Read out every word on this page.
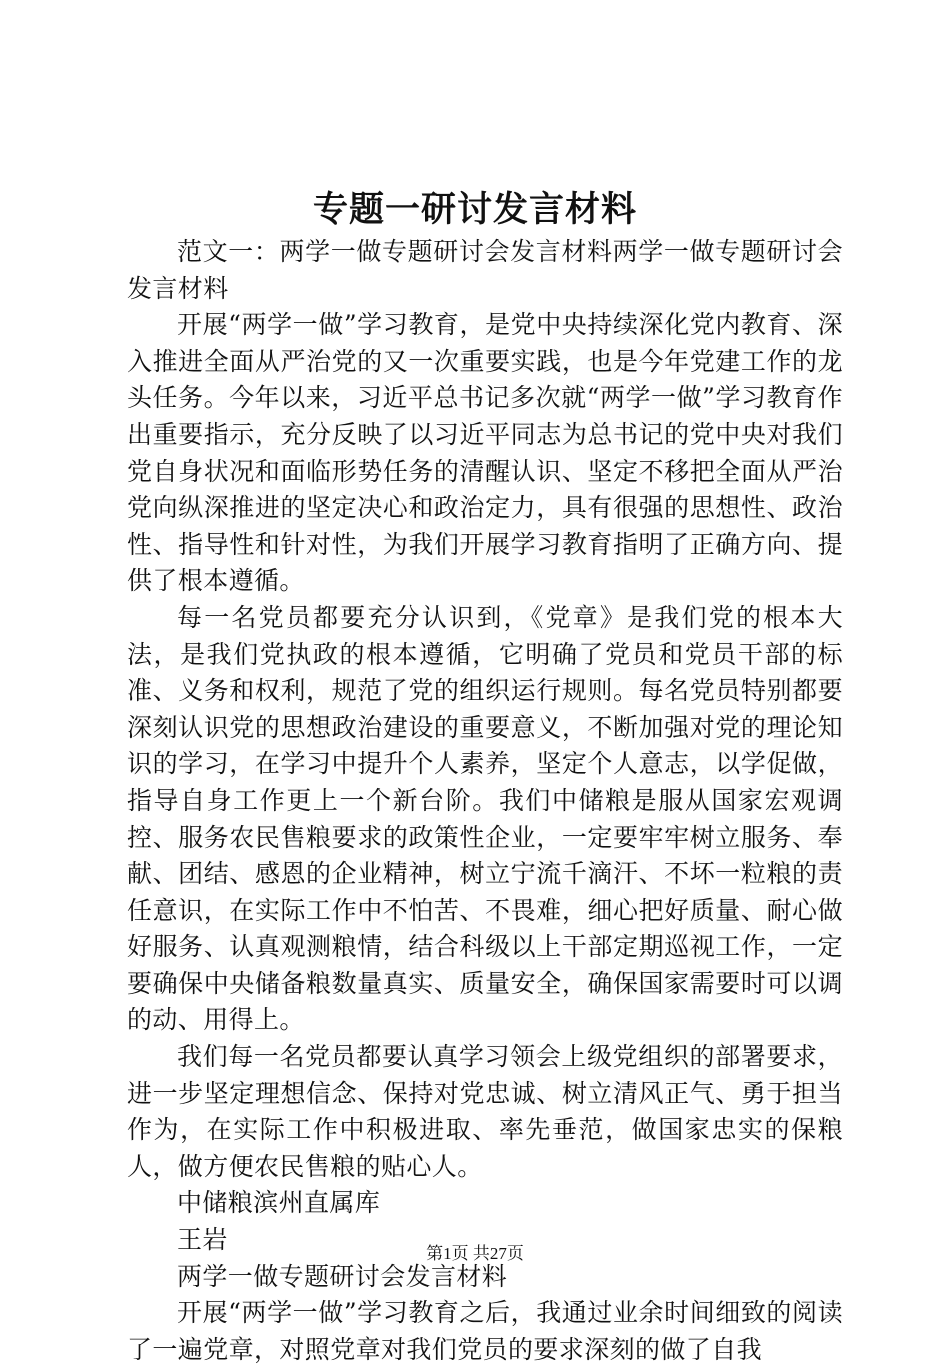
专题一研讨发言材料

范文一：两学一做专题研讨会发言材料两学一做专题研讨会发言材料

开展“两学一做”学习教育，是党中央持续深化党内教育、深入推进全面从严治党的又一次重要实践，也是今年党建工作的龙头任务。今年以来，习近平总书记多次就“两学一做”学习教育作出重要指示，充分反映了以习近平同志为总书记的党中央对我们党自身状况和面临形势任务的清醒认识、坚定不移把全面从严治党向纵深推进的坚定决心和政治定力，具有很强的思想性、政治性、指导性和针对性，为我们开展学习教育指明了正确方向、提供了根本遵循。

每一名党员都要充分认识到，《党章》是我们党的根本大法，是我们党执政的根本遵循，它明确了党员和党员干部的标准、义务和权利，规范了党的组织运行规则。每名党员特别都要深刻认识党的思想政治建设的重要意义，不断加强对党的理论知识的学习，在学习中提升个人素养，坚定个人意志，以学促做，指导自身工作更上一个新台阶。我们中储粮是服从国家宏观调控、服务农民售粮要求的政策性企业，一定要牢牢树立服务、奉献、团结、感恩的企业精神，树立宁流千滴汗、不坏一粒粮的责任意识，在实际工作中不怕苦、不畏难，细心把好质量、耐心做好服务、认真观测粮情，结合科级以上干部定期巡视工作，一定要确保中央储备粮数量真实、质量安全，确保国家需要时可以调的动、用得上。

我们每一名党员都要认真学习领会上级党组织的部署要求，进一步坚定理想信念、保持对党忠诚、树立清风正气、勇于担当作为，在实际工作中积极进取、率先垂范，做国家忠实的保粮人，做方便农民售粮的贴心人。

中储粮滨州直属库

王岩

两学一做专题研讨会发言材料

开展“两学一做”学习教育之后，我通过业余时间细致的阅读了一遍党章，对照党章对我们党员的要求深刻的做了自我

第1页 共27页
